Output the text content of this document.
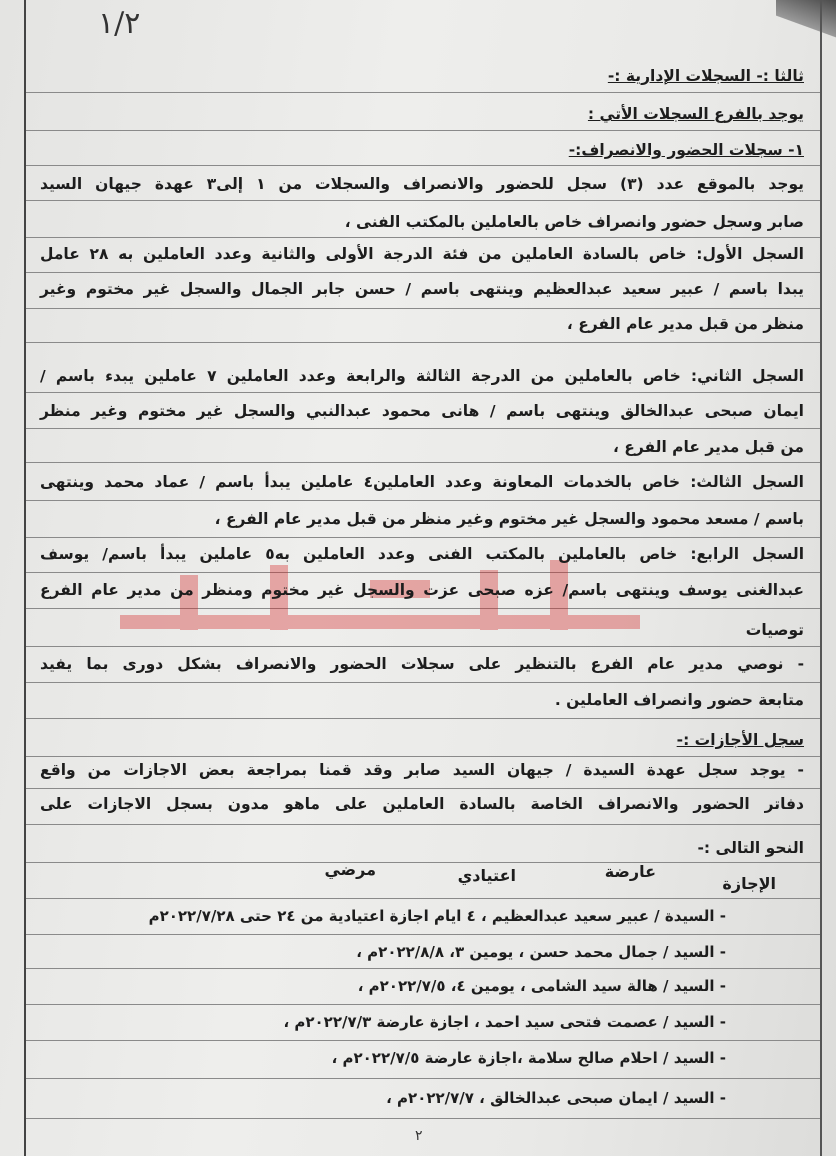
١/٢
ثالثا :- السجلات الإدارية :-
يوجد بالفرع السجلات الأتي :
١- سجلات الحضور والانصراف:-
يوجد بالموقع عدد (٣) سجل للحضور والانصراف والسجلات من ١ إلى٣ عهدة جيهان السيد
صابر وسجل حضور وانصراف خاص بالعاملين بالمكتب الفنى ،
السجل الأول: خاص بالسادة العاملين من فئة الدرجة الأولى والثانية وعدد العاملين به ٢٨ عامل
يبدا باسم / عبير سعيد عبدالعظيم وينتهى باسم / حسن جابر الجمال والسجل غير مختوم وغير
منظر من قبل مدير عام الفرع ،
السجل الثاني: خاص بالعاملين من الدرجة الثالثة والرابعة وعدد العاملين ٧ عاملين يبدء باسم /
ايمان صبحى عبدالخالق وينتهى باسم / هانى محمود عبدالنبي والسجل غير مختوم وغير منظر
من قبل مدير عام الفرع ،
السجل الثالث: خاص بالخدمات المعاونة وعدد العاملين٤ عاملين يبدأ باسم / عماد محمد وينتهى
باسم / مسعد محمود والسجل غير مختوم وغير منظر من قبل مدير عام الفرع ،
السجل الرابع: خاص بالعاملين بالمكتب الفنى وعدد العاملين به٥ عاملين يبدأ باسم/ يوسف
عبدالغنى يوسف وينتهى باسم/ عزه صبحى عزت والسجل غير مختوم ومنظر من مدير عام الفرع
توصيات
- نوصي مدير عام الفرع بالتنظير على سجلات الحضور والانصراف بشكل دورى بما يفيد
متابعة حضور وانصراف العاملين .
سجل الأجازات :-
- يوجد سجل عهدة السيدة / جيهان السيد صابر وقد قمنا بمراجعة بعض الاجازات من واقع
دفاتر الحضور والانصراف الخاصة بالسادة العاملين على ماهو مدون بسجل الاجازات على
النحو التالى :-
- السيدة / عبير سعيد عبدالعظيم ، ٤ ايام اجازة اعتيادية من ٢٤ حتى ٢٠٢٢/٧/٢٨م
- السيد / جمال محمد حسن ، يومين ٣، ٢٠٢٢/٨/٨م ،
- السيد / هالة سيد الشامى ، يومين ٤، ٢٠٢٢/٧/٥م ،
- السيد / عصمت فتحى سيد احمد ، اجازة عارضة ٢٠٢٢/٧/٣م ،
- السيد / احلام صالح سلامة ،اجازة عارضة ٢٠٢٢/٧/٥م ،
- السيد / ايمان صبحى عبدالخالق ، ٢٠٢٢/٧/٧م ،
الإجازة
عارضة
اعتيادي
مرضي
٢
